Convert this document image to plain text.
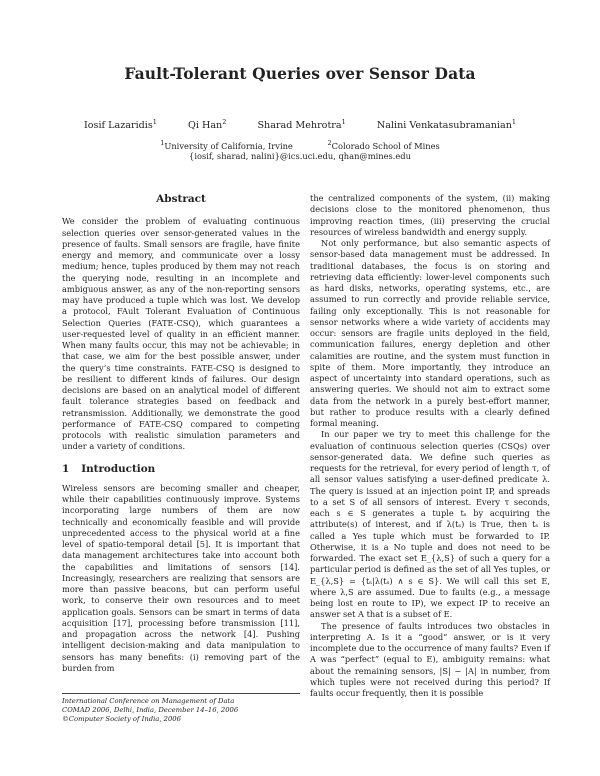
Fault-Tolerant Queries over Sensor Data
Iosif Lazaridis$^1$	Qi Han$^2$	Sharad Mehrotra$^1$	Nalini Venkatasubramanian$^1$
$^1$University of California, Irvine	$^2$Colorado School of Mines
{iosif, sharad, nalini}@ics.uci.edu, qhan@mines.edu
Abstract

We consider the problem of evaluating continuous selection queries over sensor-generated values in the presence of faults. Small sensors are fragile, have finite energy and memory, and communicate over a lossy medium; hence, tuples produced by them may not reach the querying node, resulting in an incomplete and ambiguous answer, as any of the non-reporting sensors may have produced a tuple which was lost. We develop a protocol, FAult Tolerant Evaluation of Continuous Selection Queries (FATE-CSQ), which guarantees a user-requested level of quality in an efficient manner. When many faults occur, this may not be achievable; in that case, we aim for the best possible answer, under the query’s time constraints. FATE-CSQ is designed to be resilient to different kinds of failures. Our design decisions are based on an analytical model of different fault tolerance strategies based on feedback and retransmission. Additionally, we demonstrate the good performance of FATE-CSQ compared to competing protocols with realistic simulation parameters and under a variety of conditions.

1 Introduction

Wireless sensors are becoming smaller and cheaper, while their capabilities continuously improve. Systems incorporating large numbers of them are now technically and economically feasible and will provide unprecedented access to the physical world at a fine level of spatio-temporal detail [5]. It is important that data management architectures take into account both the capabilities and limitations of sensors [14]. Increasingly, researchers are realizing that sensors are more than passive beacons, but can perform useful work, to conserve their own resources and to meet application goals. Sensors can be smart in terms of data acquisition [17], processing before transmission [11], and propagation across the network [4]. Pushing intelligent decision-making and data manipulation to sensors has many benefits: (i) removing part of the burden from

the centralized components of the system, (ii) making decisions close to the monitored phenomenon, thus improving reaction times, (iii) preserving the crucial resources of wireless bandwidth and energy supply.

Not only performance, but also semantic aspects of sensor-based data management must be addressed. In traditional databases, the focus is on storing and retrieving data efficiently: lower-level components such as hard disks, networks, operating systems, etc., are assumed to run correctly and provide reliable service, failing only exceptionally. This is not reasonable for sensor networks where a wide variety of accidents may occur: sensors are fragile units deployed in the field, communication failures, energy depletion and other calamities are routine, and the system must function in spite of them. More importantly, they introduce an aspect of uncertainty into standard operations, such as answering queries. We should not aim to extract some data from the network in a purely best-effort manner, but rather to produce results with a clearly defined formal meaning.

In our paper we try to meet this challenge for the evaluation of continuous selection queries (CSQs) over sensor-generated data. We define such queries as requests for the retrieval, for every period of length τ, of all sensor values satisfying a user-defined predicate λ. The query is issued at an injection point IP, and spreads to a set S of all sensors of interest. Every τ seconds, each s ∈ S generates a tuple tₛ by acquiring the attribute(s) of interest, and if λ(tₛ) is True, then tₛ is called a Yes tuple which must be forwarded to IP. Otherwise, it is a No tuple and does not need to be forwarded. The exact set E_{λ,S} of such a query for a particular period is defined as the set of all Yes tuples, or E_{λ,S} = {tₛ|λ(tₛ) ∧ s ∈ S}. We will call this set E, where λ,S are assumed. Due to faults (e.g., a message being lost en route to IP), we expect IP to receive an answer set A that is a subset of E.

The presence of faults introduces two obstacles in interpreting A. Is it a “good” answer, or is it very incomplete due to the occurrence of many faults? Even if A was “perfect” (equal to E), ambiguity remains: what about the remaining sensors, |S| − |A| in number, from which tuples were not received during this period? If faults occur frequently, then it is possible

International Conference on Management of Data
COMAD 2006, Delhi, India, December 14–16, 2006
©Computer Society of India, 2006
